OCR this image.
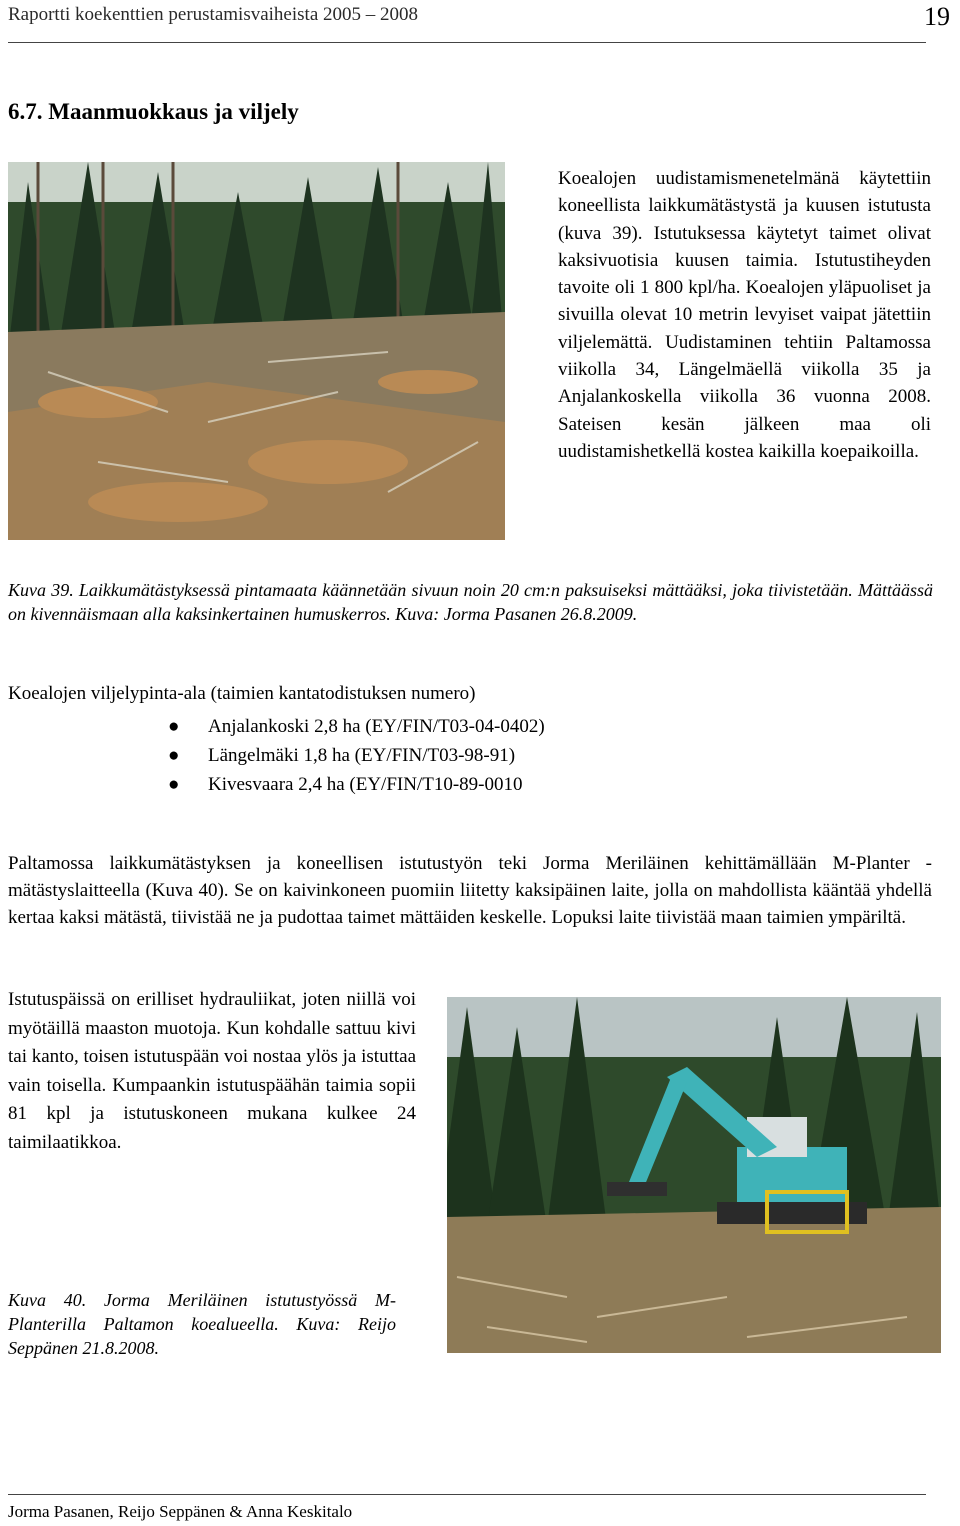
Raportti koekenttien perustamisvaiheista 2005 – 2008	19
6.7. Maanmuokkaus ja viljely
Koealojen uudistamismenetelmänä käytettiin koneellista laikkumätästystä ja kuusen istutusta (kuva 39). Istutuksessa käytetyt taimet olivat kaksivuotisia kuusen taimia. Istutustiheyden tavoite oli 1 800 kpl/ha. Koealojen yläpuoliset ja sivuilla olevat 10 metrin levyiset vaipat jätettiin viljelemättä. Uudistaminen tehtiin Paltamossa viikolla 34, Längelmäellä viikolla 35 ja Anjalankoskella viikolla 36 vuonna 2008. Sateisen kesän jälkeen maa oli uudistamishetkellä kostea kaikilla koepaikoilla.
Kuva 39. Laikkumätästyksessä pintamaata käännetään sivuun noin 20 cm:n paksuiseksi mättääksi, joka tiivistetään. Mättäässä on kivennäismaan alla kaksinkertainen humuskerros. Kuva: Jorma Pasanen 26.8.2009.
Koealojen viljelypinta-ala (taimien kantatodistuksen numero)
● Anjalankoski 2,8 ha (EY/FIN/T03-04-0402)
● Längelmäki 1,8 ha (EY/FIN/T03-98-91)
● Kivesvaara 2,4 ha (EY/FIN/T10-89-0010
Paltamossa laikkumätästyksen ja koneellisen istutustyön teki Jorma Meriläinen kehittämällään M-Planter -mätästyslaitteella (Kuva 40). Se on kaivinkoneen puomiin liitetty kaksipäinen laite, jolla on mahdollista kääntää yhdellä kertaa kaksi mätästä, tiivistää ne ja pudottaa taimet mättäiden keskelle. Lopuksi laite tiivistää maan taimien ympäriltä.
Istutuspäissä on erilliset hydrauliikat, joten niillä voi myötäillä maaston muotoja. Kun kohdalle sattuu kivi tai kanto, toisen istutuspään voi nostaa ylös ja istuttaa vain toisella. Kumpaankin istutuspäähän taimia sopii 81 kpl ja istutuskoneen mukana kulkee 24 taimilaatikkoa.
Kuva 40. Jorma Meriläinen istutustyössä M-Planterilla Paltamon koealueella. Kuva: Reijo Seppänen 21.8.2008.
Jorma Pasanen, Reijo Seppänen & Anna Keskitalo
